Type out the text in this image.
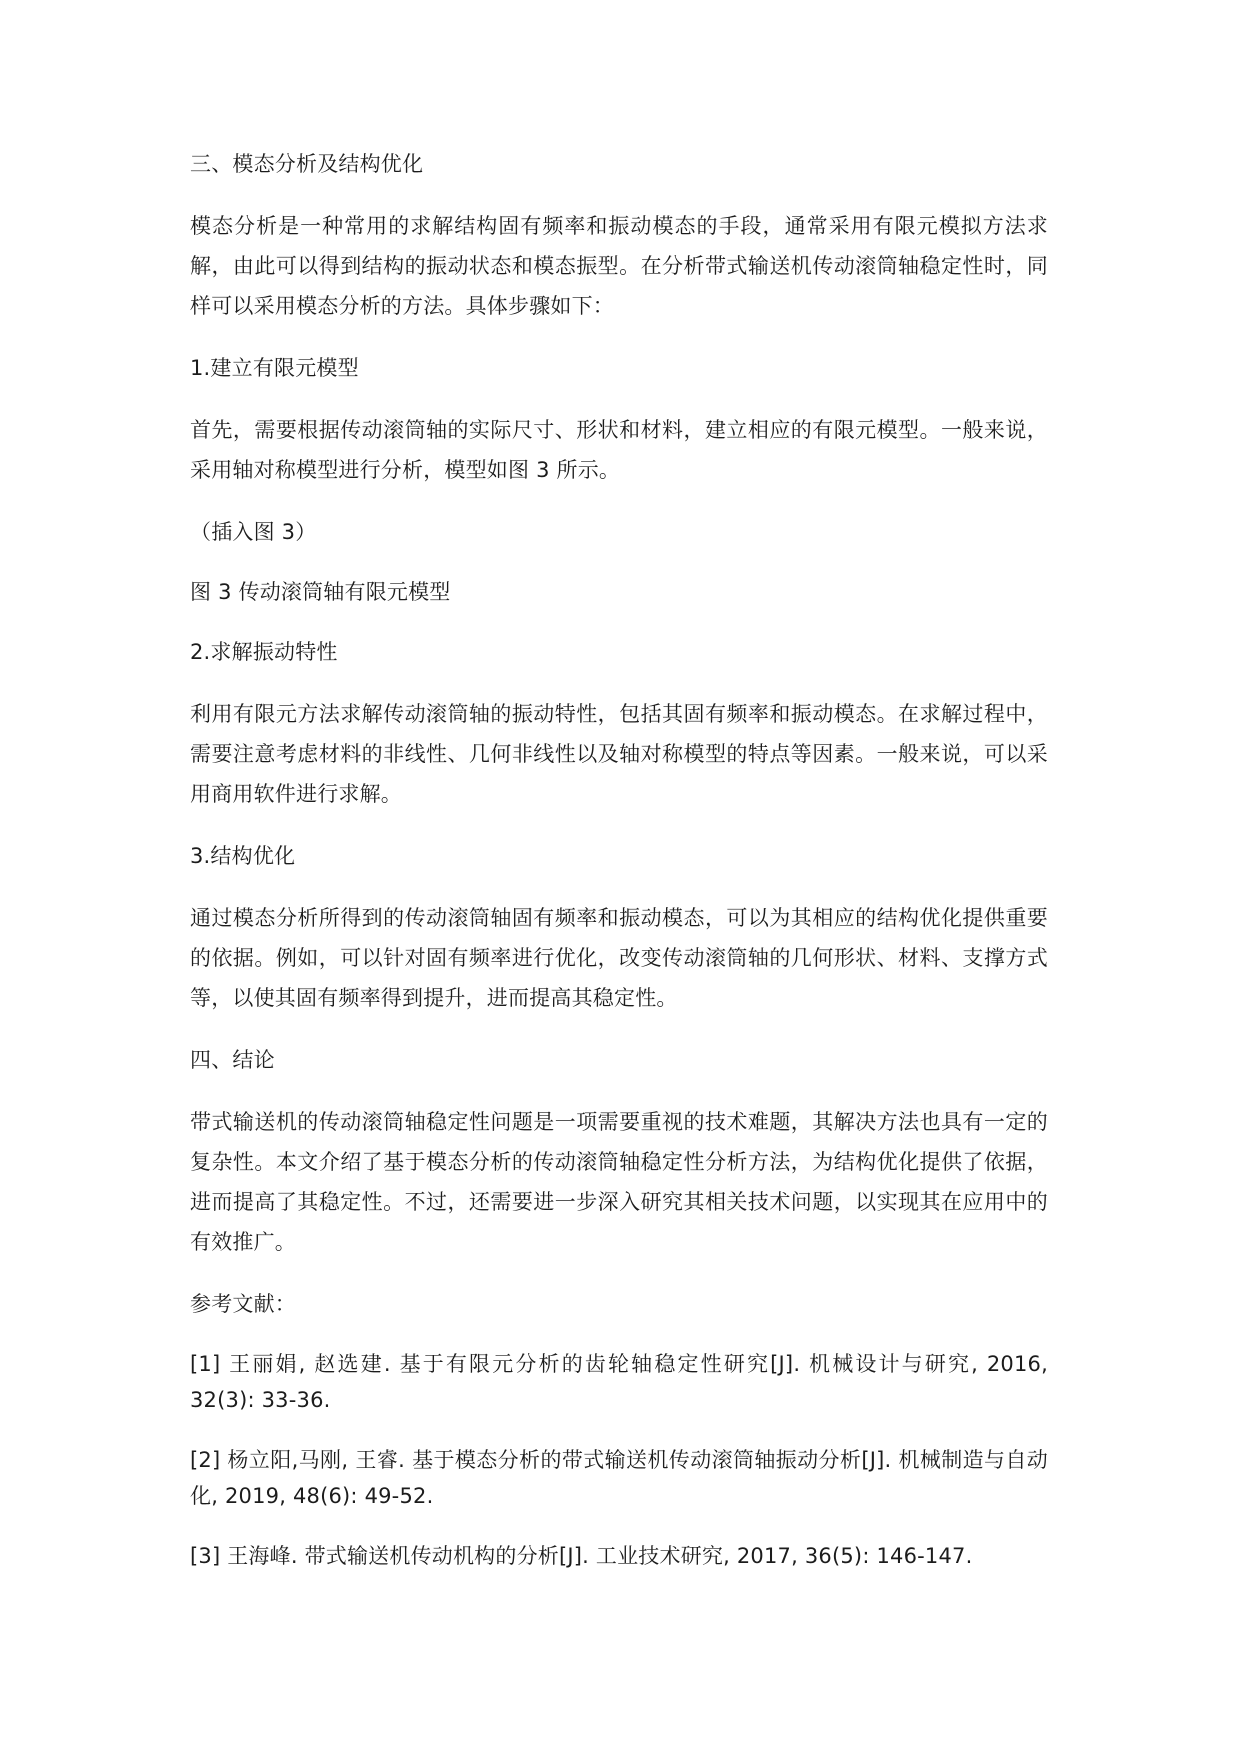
三、模态分析及结构优化
模态分析是一种常用的求解结构固有频率和振动模态的手段，通常采用有限元模拟方法求解，由此可以得到结构的振动状态和模态振型。在分析带式输送机传动滚筒轴稳定性时，同样可以采用模态分析的方法。具体步骤如下：
1.建立有限元模型
首先，需要根据传动滚筒轴的实际尺寸、形状和材料，建立相应的有限元模型。一般来说，采用轴对称模型进行分析，模型如图 3 所示。
（插入图 3）
图 3 传动滚筒轴有限元模型
2.求解振动特性
利用有限元方法求解传动滚筒轴的振动特性，包括其固有频率和振动模态。在求解过程中，需要注意考虑材料的非线性、几何非线性以及轴对称模型的特点等因素。一般来说，可以采用商用软件进行求解。
3.结构优化
通过模态分析所得到的传动滚筒轴固有频率和振动模态，可以为其相应的结构优化提供重要的依据。例如，可以针对固有频率进行优化，改变传动滚筒轴的几何形状、材料、支撑方式等，以使其固有频率得到提升，进而提高其稳定性。
四、结论
带式输送机的传动滚筒轴稳定性问题是一项需要重视的技术难题，其解决方法也具有一定的复杂性。本文介绍了基于模态分析的传动滚筒轴稳定性分析方法，为结构优化提供了依据，进而提高了其稳定性。不过，还需要进一步深入研究其相关技术问题，以实现其在应用中的有效推广。
参考文献：
[1] 王丽娟, 赵选建. 基于有限元分析的齿轮轴稳定性研究[J]. 机械设计与研究, 2016, 32(3): 33-36.
[2] 杨立阳,马刚, 王睿. 基于模态分析的带式输送机传动滚筒轴振动分析[J]. 机械制造与自动化, 2019, 48(6): 49-52.
[3] 王海峰. 带式输送机传动机构的分析[J]. 工业技术研究, 2017, 36(5): 146-147.
